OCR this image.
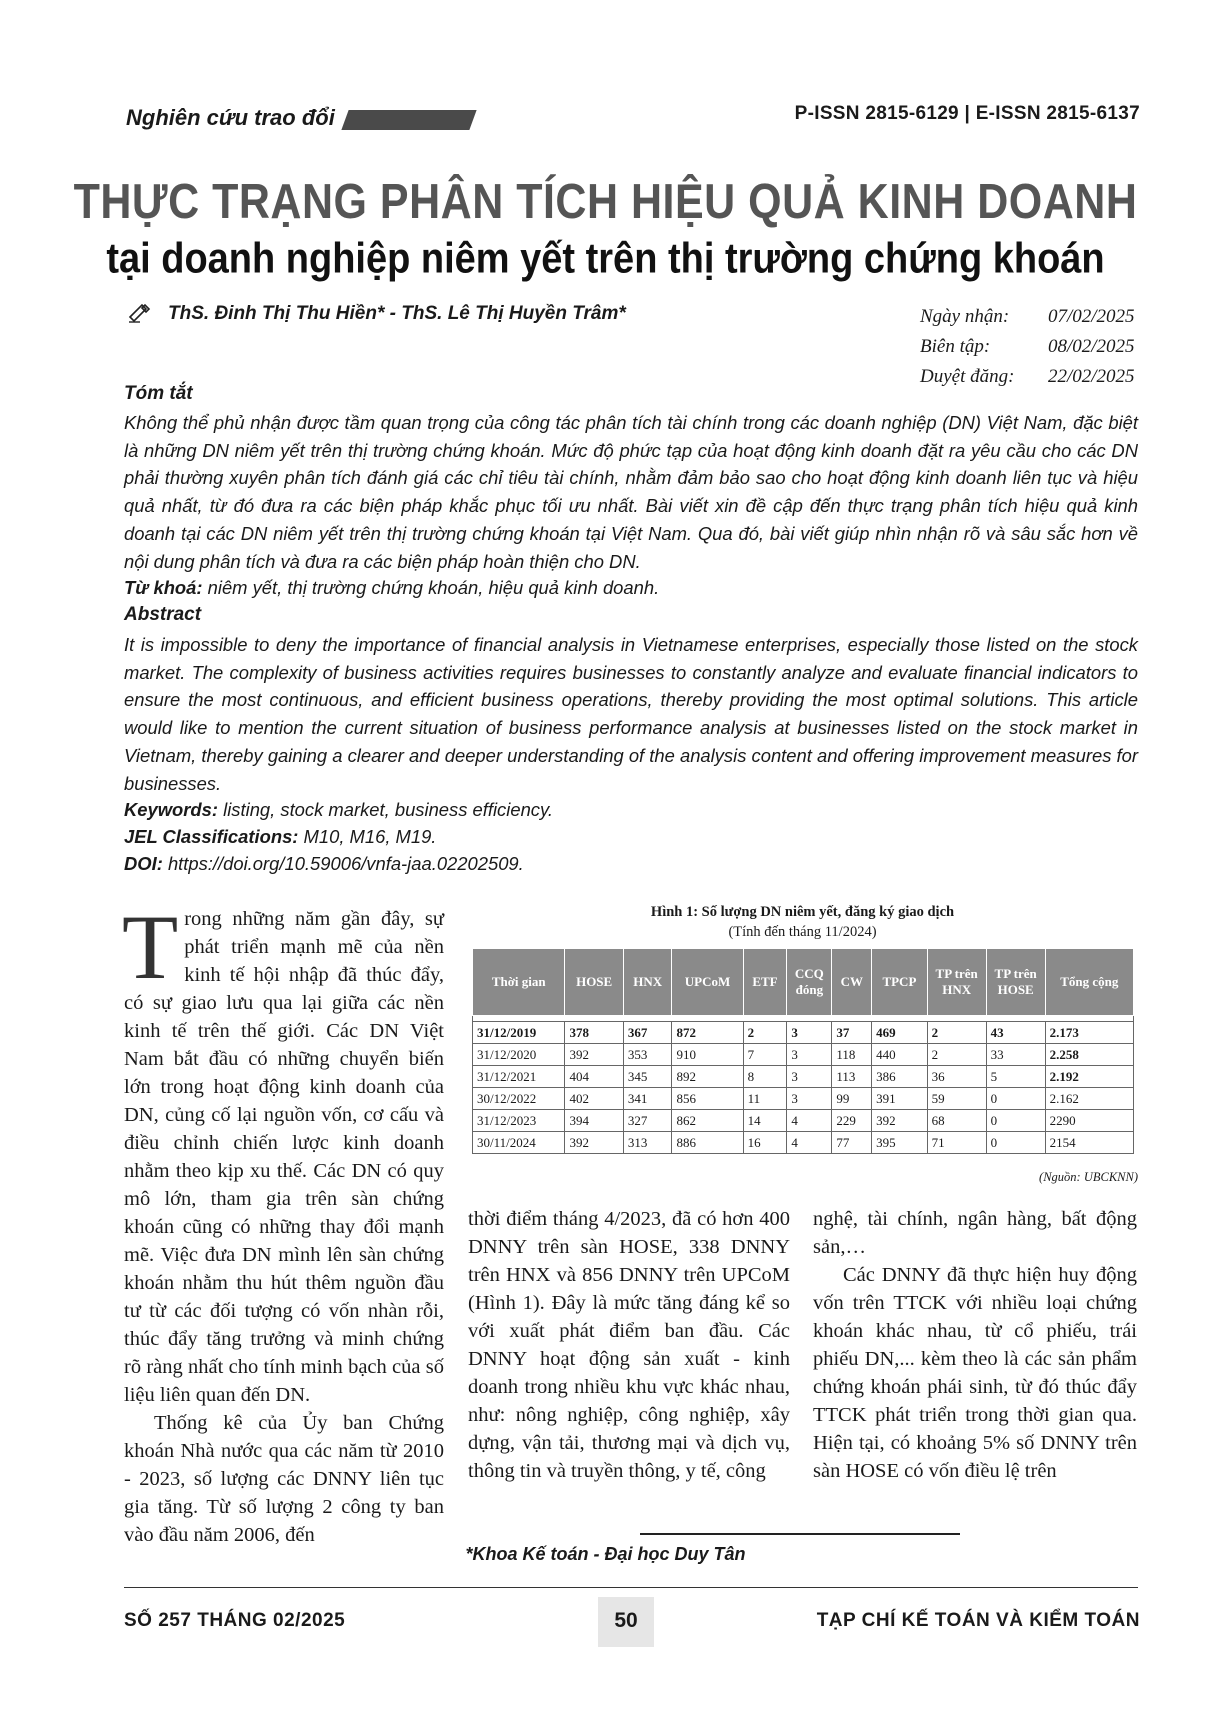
Nghiên cứu trao đổi	P-ISSN 2815-6129 | E-ISSN 2815-6137
THỰC TRẠNG PHÂN TÍCH HIỆU QUẢ KINH DOANH
tại doanh nghiệp niêm yết trên thị trường chứng khoán
ThS. Đinh Thị Thu Hiền* - ThS. Lê Thị Huyền Trâm*	Ngày nhận:	07/02/2025
Biên tập:	08/02/2025
Duyệt đăng:	22/02/2025
Tóm tắt
Không thể phủ nhận được tầm quan trọng của công tác phân tích tài chính trong các doanh nghiệp (DN) Việt Nam, đặc biệt là những DN niêm yết trên thị trường chứng khoán. Mức độ phức tạp của hoạt động kinh doanh đặt ra yêu cầu cho các DN phải thường xuyên phân tích đánh giá các chỉ tiêu tài chính, nhằm đảm bảo sao cho hoạt động kinh doanh liên tục và hiệu quả nhất, từ đó đưa ra các biện pháp khắc phục tối ưu nhất. Bài viết xin đề cập đến thực trạng phân tích hiệu quả kinh doanh tại các DN niêm yết trên thị trường chứng khoán tại Việt Nam. Qua đó, bài viết giúp nhìn nhận rõ và sâu sắc hơn về nội dung phân tích và đưa ra các biện pháp hoàn thiện cho DN.
Từ khoá: niêm yết, thị trường chứng khoán, hiệu quả kinh doanh.
Abstract
It is impossible to deny the importance of financial analysis in Vietnamese enterprises, especially those listed on the stock market. The complexity of business activities requires businesses to constantly analyze and evaluate financial indicators to ensure the most continuous, and efficient business operations, thereby providing the most optimal solutions. This article would like to mention the current situation of business performance analysis at businesses listed on the stock market in Vietnam, thereby gaining a clearer and deeper understanding of the analysis content and offering improvement measures for businesses.
Keywords: listing, stock market, business efficiency.
JEL Classifications: M10, M16, M19.
DOI: https://doi.org/10.59006/vnfa-jaa.02202509.

Trong những năm gần đây, sự phát triển mạnh mẽ của nền kinh tế hội nhập đã thúc đẩy, có sự giao lưu qua lại giữa các nền kinh tế trên thế giới. Các DN Việt Nam bắt đầu có những chuyển biến lớn trong hoạt động kinh doanh của DN, củng cố lại nguồn vốn, cơ cấu và điều chỉnh chiến lược kinh doanh nhằm theo kịp xu thế. Các DN có quy mô lớn, tham gia trên sàn chứng khoán cũng có những thay đổi mạnh mẽ. Việc đưa DN mình lên sàn chứng khoán nhằm thu hút thêm nguồn đầu tư từ các đối tượng có vốn nhàn rỗi, thúc đẩy tăng trưởng và minh chứng rõ ràng nhất cho tính minh bạch của số liệu liên quan đến DN.

Thống kê của Ủy ban Chứng khoán Nhà nước qua các năm từ 2010 - 2023, số lượng các DNNY liên tục gia tăng. Từ số lượng 2 công ty ban vào đầu năm 2006, đến

Hình 1: Số lượng DN niêm yết, đăng ký giao dịch
(Tính đến tháng 11/2024)
Thời gian	HOSE	HNX	UPCoM	ETF	CCQ đóng	CW	TPCP	TP trên HNX	TP trên HOSE	Tổng cộng

31/12/2019	378	367	872	2	3	37	469	2	43	2.173
31/12/2020	392	353	910	7	3	118	440	2	33	2.258
31/12/2021	404	345	892	8	3	113	386	36	5	2.192
30/12/2022	402	341	856	11	3	99	391	59	0	2.162
31/12/2023	394	327	862	14	4	229	392	68	0	2290
30/11/2024	392	313	886	16	4	77	395	71	0	2154
(Nguồn: UBCKNN)

thời điểm tháng 4/2023, đã có hơn 400 DNNY trên sàn HOSE, 338 DNNY trên HNX và 856 DNNY trên UPCoM (Hình 1). Đây là mức tăng đáng kể so với xuất phát điểm ban đầu. Các DNNY hoạt động sản xuất - kinh doanh trong nhiều khu vực khác nhau, như: nông nghiệp, công nghiệp, xây dựng, vận tải, thương mại và dịch vụ, thông tin và truyền thông, y tế, công

nghệ, tài chính, ngân hàng, bất động sản,…

Các DNNY đã thực hiện huy động vốn trên TTCK với nhiều loại chứng khoán khác nhau, từ cổ phiếu, trái phiếu DN,... kèm theo là các sản phẩm chứng khoán phái sinh, từ đó thúc đẩy TTCK phát triển trong thời gian qua. Hiện tại, có khoảng 5% số DNNY trên sàn HOSE có vốn điều lệ trên

*Khoa Kế toán - Đại học Duy Tân
SỐ 257 THÁNG 02/2025	50	TẠP CHÍ KẾ TOÁN VÀ KIỂM TOÁN
